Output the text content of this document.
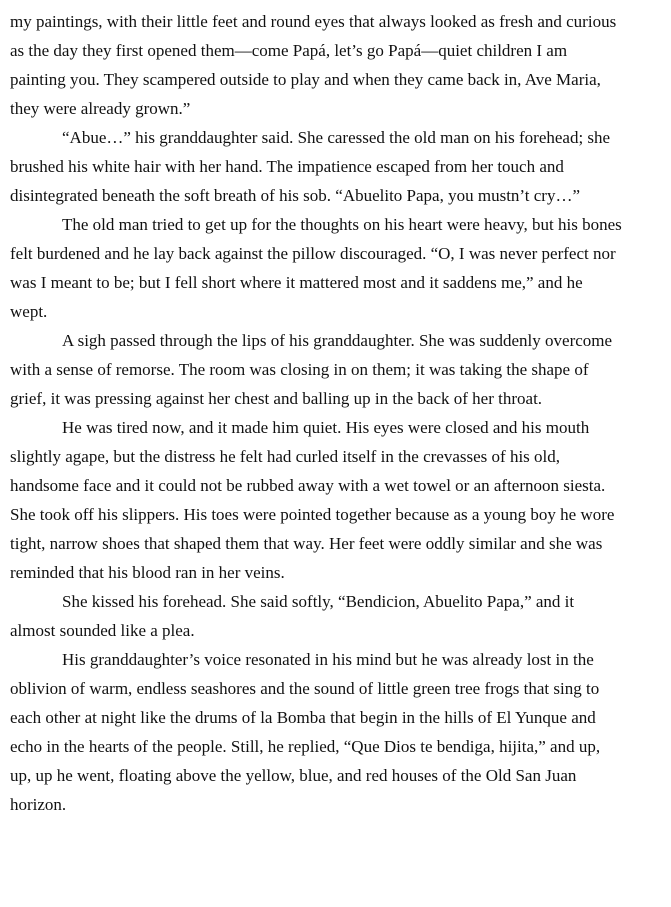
my paintings, with their little feet and round eyes that always looked as fresh and curious
as the day they first opened them—come Papá, let’s go Papá—quiet children I am
painting you. They scampered outside to play and when they came back in, Ave Maria,
they were already grown.”
“Abue…” his granddaughter said. She caressed the old man on his forehead; she
brushed his white hair with her hand. The impatience escaped from her touch and
disintegrated beneath the soft breath of his sob. “Abuelito Papa, you mustn’t cry…”
The old man tried to get up for the thoughts on his heart were heavy, but his bones
felt burdened and he lay back against the pillow discouraged. “O, I was never perfect nor
was I meant to be; but I fell short where it mattered most and it saddens me,” and he
wept.
A sigh passed through the lips of his granddaughter. She was suddenly overcome
with a sense of remorse. The room was closing in on them; it was taking the shape of
grief, it was pressing against her chest and balling up in the back of her throat.
He was tired now, and it made him quiet. His eyes were closed and his mouth
slightly agape, but the distress he felt had curled itself in the crevasses of his old,
handsome face and it could not be rubbed away with a wet towel or an afternoon siesta.
She took off his slippers. His toes were pointed together because as a young boy he wore
tight, narrow shoes that shaped them that way. Her feet were oddly similar and she was
reminded that his blood ran in her veins.
She kissed his forehead. She said softly, “Bendicion, Abuelito Papa,” and it
almost sounded like a plea.
His granddaughter’s voice resonated in his mind but he was already lost in the
oblivion of warm, endless seashores and the sound of little green tree frogs that sing to
each other at night like the drums of la Bomba that begin in the hills of El Yunque and
echo in the hearts of the people. Still, he replied, “Que Dios te bendiga, hijita,” and up,
up, up he went, floating above the yellow, blue, and red houses of the Old San Juan
horizon.
